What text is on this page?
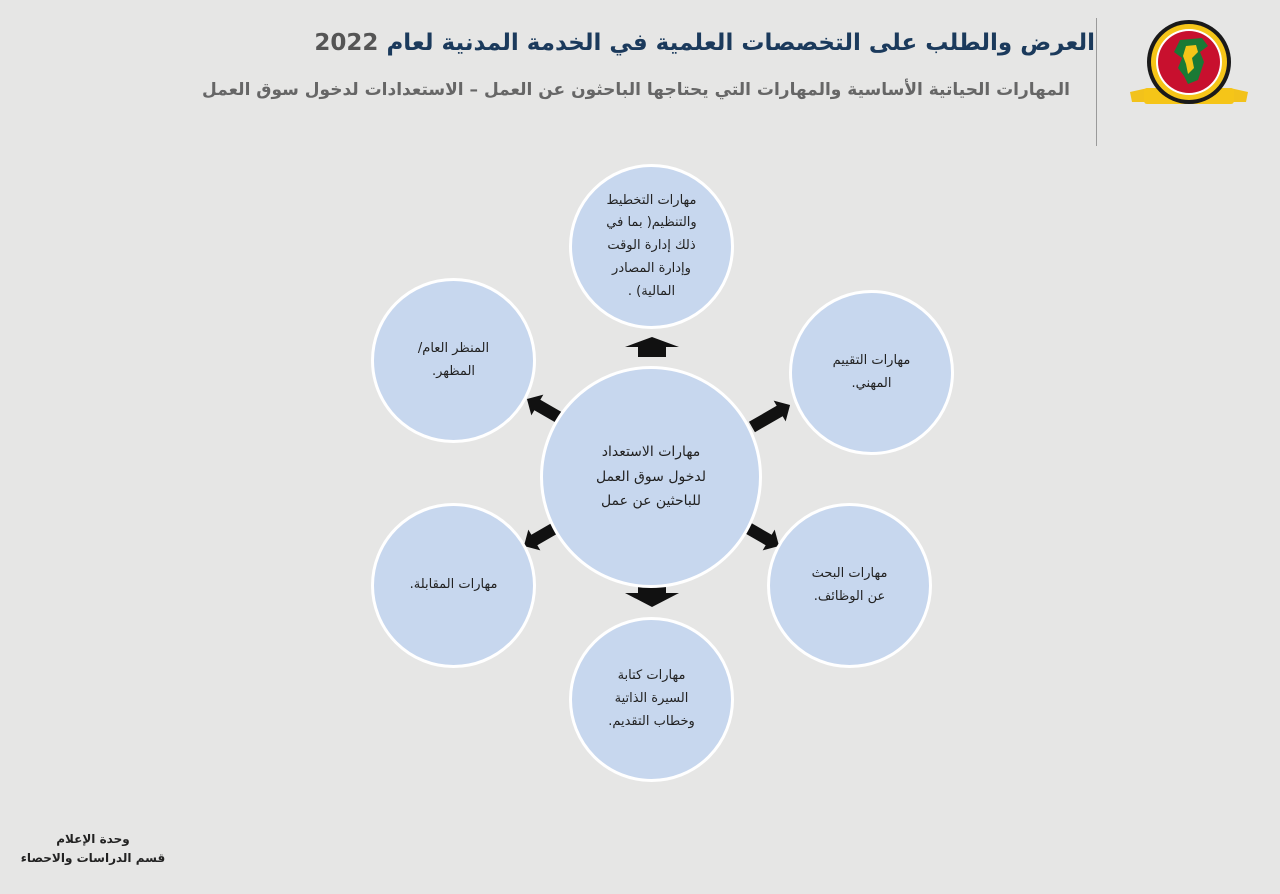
العرض والطلب على التخصصات العلمية في الخدمة المدنية لعام 2022
المهارات الحياتية الأساسية والمهارات التي يحتاجها الباحثون عن العمل – الاستعدادات لدخول سوق العمل
مهارات الاستعداد لدخول سوق العمل للباحثين عن عمل
مهارات التخطيط والتنظيم( بما في ذلك إدارة الوقت وإدارة المصادر المالية) .
مهارات التقييم المهني.
مهارات البحث عن الوظائف.
مهارات كتابة السيرة الذاتية وخطاب التقديم.
مهارات المقابلة.
المنظر العام/المظهر.
وحدة الإعلام
قسم الدراسات والاحصاء
